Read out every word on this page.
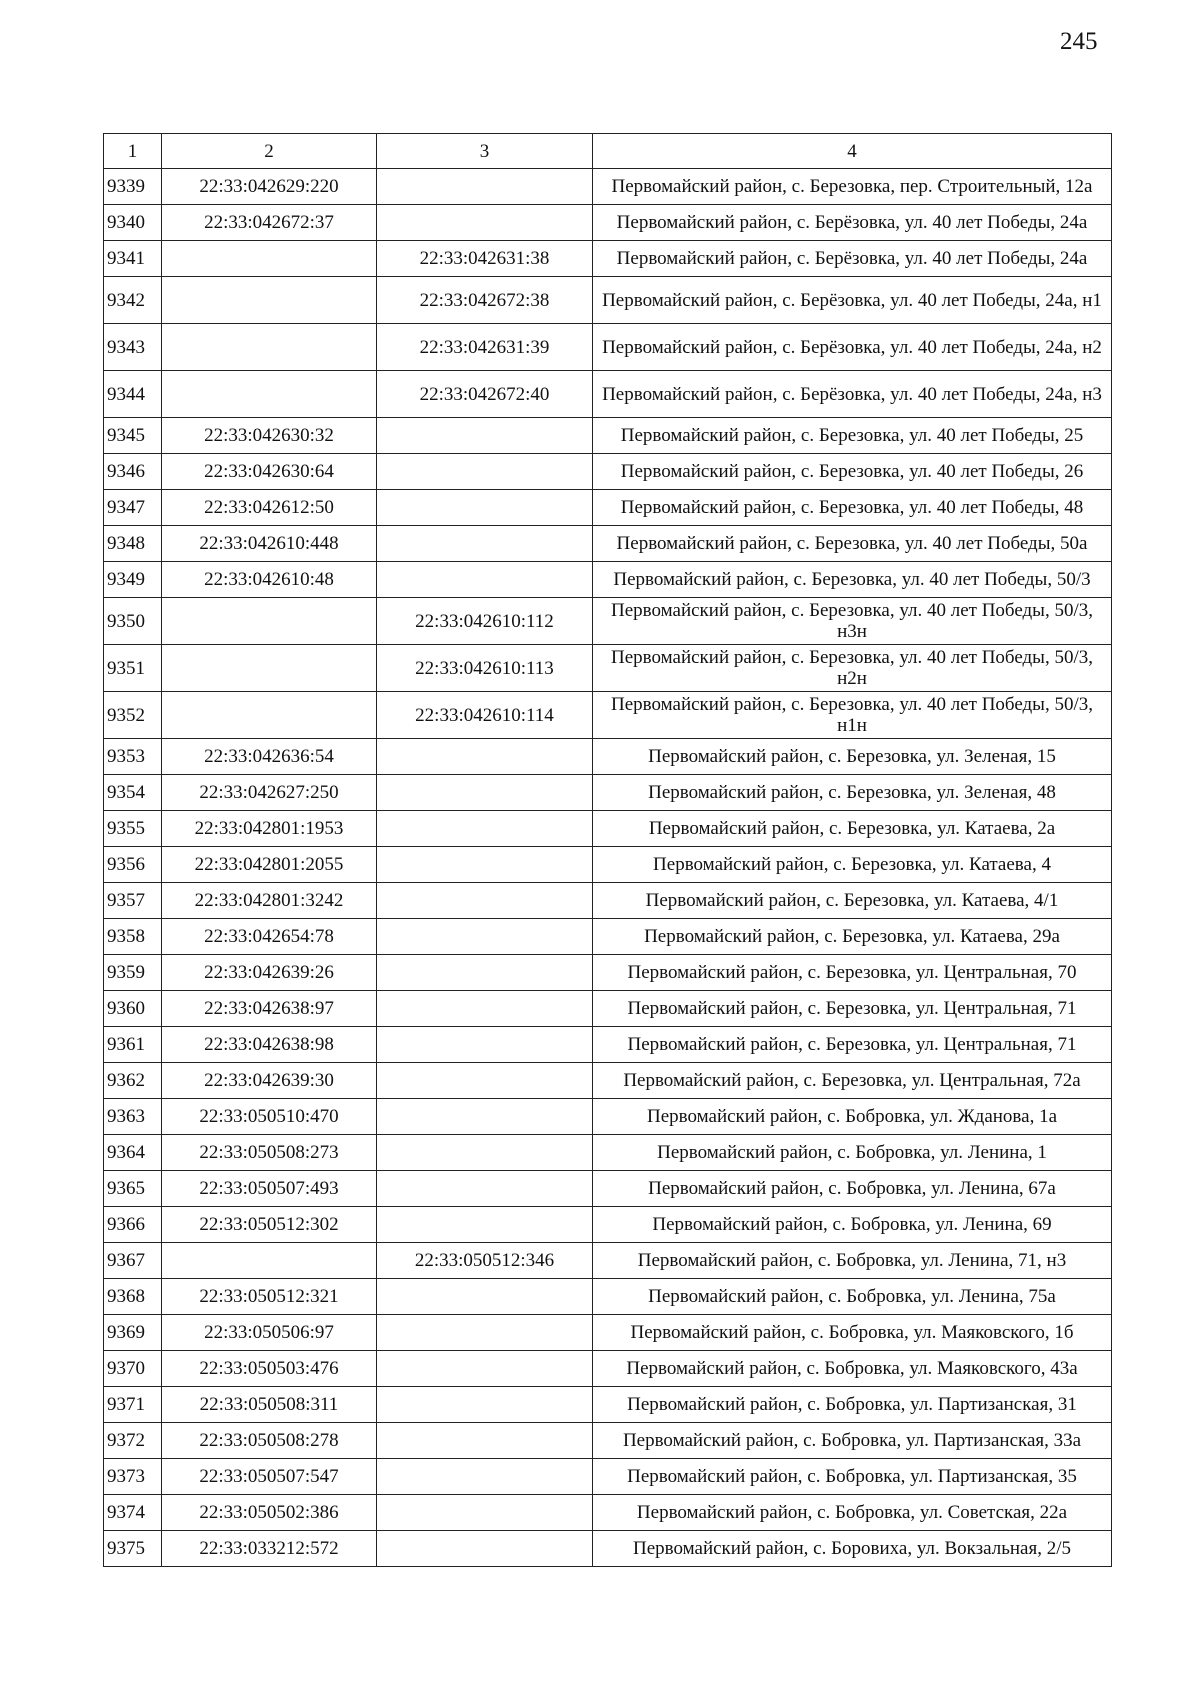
245
1	2	3	4
9339	22:33:042629:220		Первомайский район, с. Березовка, пер. Строительный, 12а
9340	22:33:042672:37		Первомайский район, с. Берёзовка, ул. 40 лет Победы, 24а
9341		22:33:042631:38	Первомайский район, с. Берёзовка, ул. 40 лет Победы, 24а
9342		22:33:042672:38	Первомайский район, с. Берёзовка, ул. 40 лет Победы, 24а, н1
9343		22:33:042631:39	Первомайский район, с. Берёзовка, ул. 40 лет Победы, 24а, н2
9344		22:33:042672:40	Первомайский район, с. Берёзовка, ул. 40 лет Победы, 24а, н3
9345	22:33:042630:32		Первомайский район, с. Березовка, ул. 40 лет Победы, 25
9346	22:33:042630:64		Первомайский район, с. Березовка, ул. 40 лет Победы, 26
9347	22:33:042612:50		Первомайский район, с. Березовка, ул. 40 лет Победы, 48
9348	22:33:042610:448		Первомайский район, с. Березовка, ул. 40 лет Победы, 50а
9349	22:33:042610:48		Первомайский район, с. Березовка, ул. 40 лет Победы, 50/3
9350		22:33:042610:112	Первомайский район, с. Березовка, ул. 40 лет Победы, 50/3, н3н
9351		22:33:042610:113	Первомайский район, с. Березовка, ул. 40 лет Победы, 50/3, н2н
9352		22:33:042610:114	Первомайский район, с. Березовка, ул. 40 лет Победы, 50/3, н1н
9353	22:33:042636:54		Первомайский район, с. Березовка, ул. Зеленая, 15
9354	22:33:042627:250		Первомайский район, с. Березовка, ул. Зеленая, 48
9355	22:33:042801:1953		Первомайский район, с. Березовка, ул. Катаева, 2а
9356	22:33:042801:2055		Первомайский район, с. Березовка, ул. Катаева, 4
9357	22:33:042801:3242		Первомайский район, с. Березовка, ул. Катаева, 4/1
9358	22:33:042654:78		Первомайский район, с. Березовка, ул. Катаева, 29а
9359	22:33:042639:26		Первомайский район, с. Березовка, ул. Центральная, 70
9360	22:33:042638:97		Первомайский район, с. Березовка, ул. Центральная, 71
9361	22:33:042638:98		Первомайский район, с. Березовка, ул. Центральная, 71
9362	22:33:042639:30		Первомайский район, с. Березовка, ул. Центральная, 72а
9363	22:33:050510:470		Первомайский район, с. Бобровка, ул. Жданова, 1а
9364	22:33:050508:273		Первомайский район, с. Бобровка, ул. Ленина, 1
9365	22:33:050507:493		Первомайский район, с. Бобровка, ул. Ленина, 67а
9366	22:33:050512:302		Первомайский район, с. Бобровка, ул. Ленина, 69
9367		22:33:050512:346	Первомайский район, с. Бобровка, ул. Ленина, 71, н3
9368	22:33:050512:321		Первомайский район, с. Бобровка, ул. Ленина, 75а
9369	22:33:050506:97		Первомайский район, с. Бобровка, ул. Маяковского, 1б
9370	22:33:050503:476		Первомайский район, с. Бобровка, ул. Маяковского, 43а
9371	22:33:050508:311		Первомайский район, с. Бобровка, ул. Партизанская, 31
9372	22:33:050508:278		Первомайский район, с. Бобровка, ул. Партизанская, 33а
9373	22:33:050507:547		Первомайский район, с. Бобровка, ул. Партизанская, 35
9374	22:33:050502:386		Первомайский район, с. Бобровка, ул. Советская, 22а
9375	22:33:033212:572		Первомайский район, с. Боровиха, ул. Вокзальная, 2/5
